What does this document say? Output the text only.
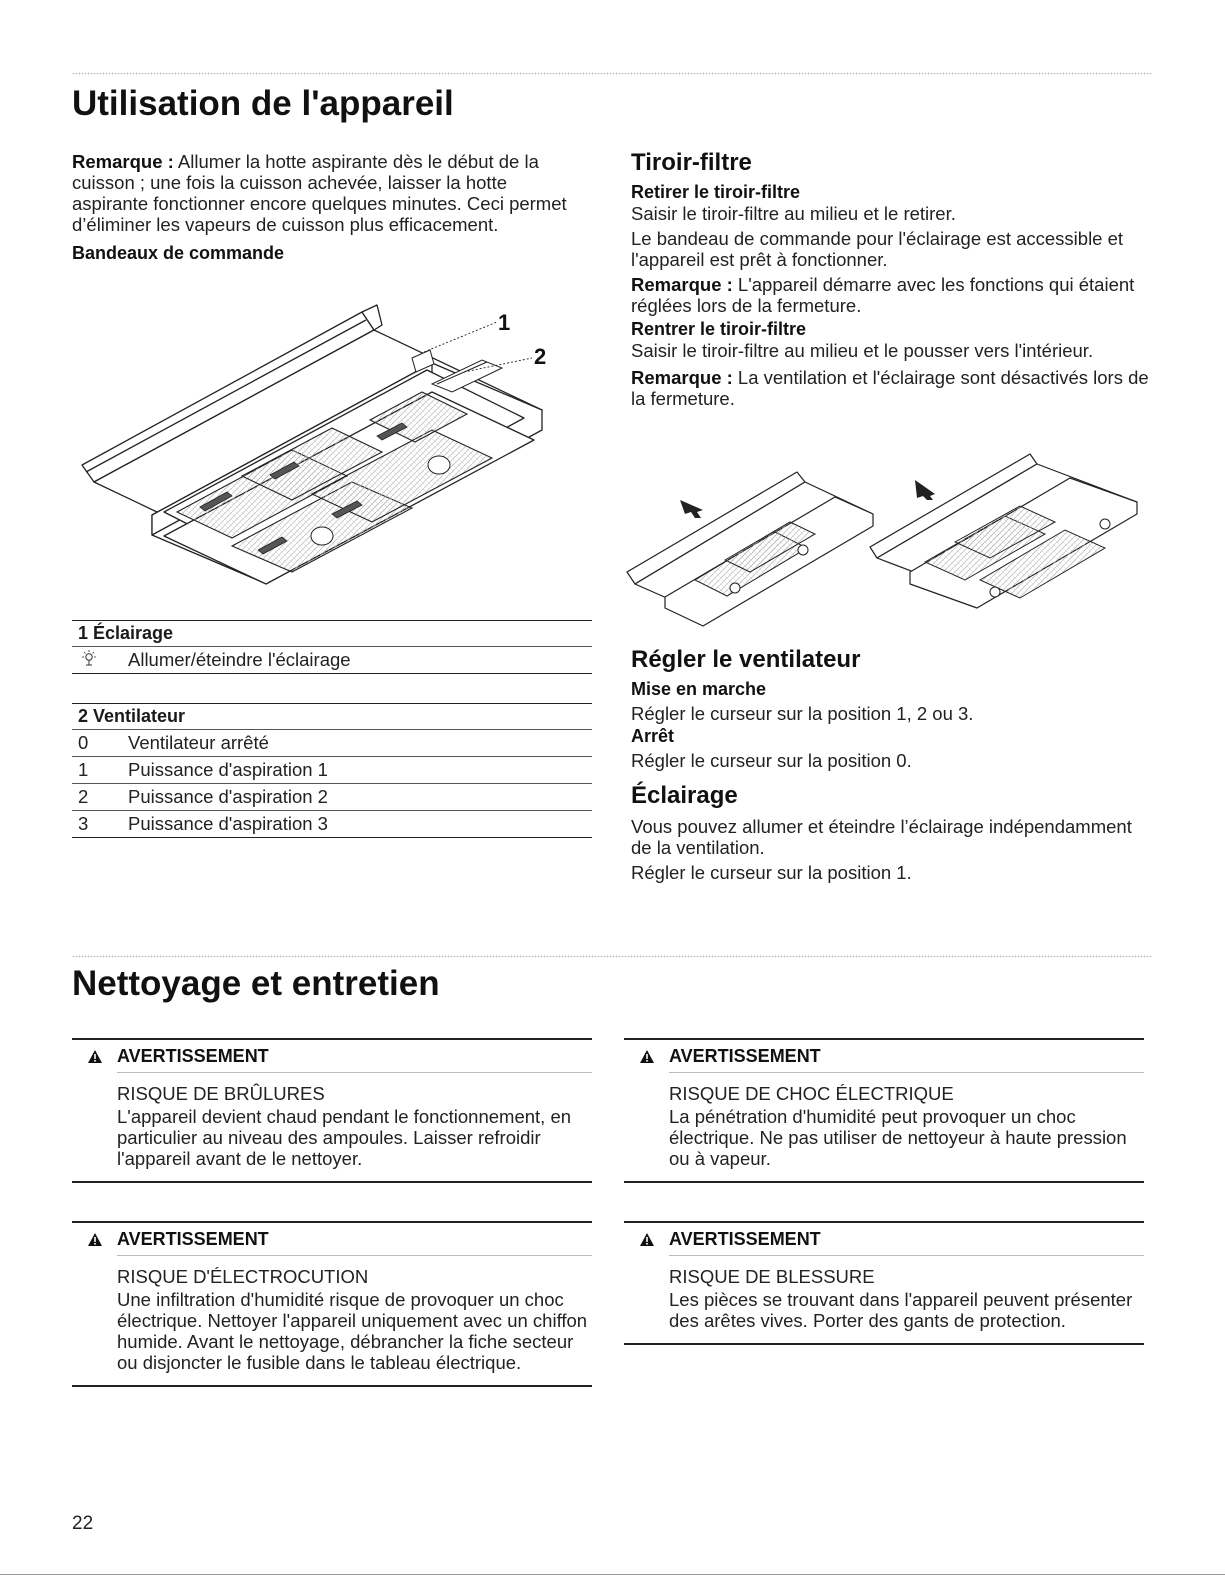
Utilisation de l'appareil

Remarque : Allumer la hotte aspirante dès le début de la cuisson ; une fois la cuisson achevée, laisser la hotte aspirante fonctionner encore quelques minutes. Ceci permet d’éliminer les vapeurs de cuisson plus efficacement.

Bandeaux de commande

1
2
1 Éclairage
Allumer/éteindre l'éclairage
2 Ventilateur
0	Ventilateur arrêté
1	Puissance d'aspiration 1
2	Puissance d'aspiration 2
3	Puissance d'aspiration 3
Tiroir-filtre

Retirer le tiroir-filtre

Saisir le tiroir-filtre au milieu et le retirer.

Le bandeau de commande pour l'éclairage est accessible et l'appareil est prêt à fonctionner.

Remarque : L'appareil démarre avec les fonctions qui étaient réglées lors de la fermeture.

Rentrer le tiroir-filtre

Saisir le tiroir-filtre au milieu et le pousser vers l'intérieur.

Remarque : La ventilation et l'éclairage sont désactivés lors de la fermeture.

Régler le ventilateur

Mise en marche

Régler le curseur sur la position 1, 2 ou 3.

Arrêt

Régler le curseur sur la position 0.

Éclairage

Vous pouvez allumer et éteindre l’éclairage indépendamment de la ventilation.

Régler le curseur sur la position 1.

Nettoyage et entretien
AVERTISSEMENT

RISQUE DE BRÛLURES

L'appareil devient chaud pendant le fonctionnement, en particulier au niveau des ampoules. Laisser refroidir l'appareil avant de le nettoyer.

AVERTISSEMENT

RISQUE DE CHOC ÉLECTRIQUE

La pénétration d'humidité peut provoquer un choc électrique. Ne pas utiliser de nettoyeur à haute pression ou à vapeur.

AVERTISSEMENT

RISQUE D'ÉLECTROCUTION

Une infiltration d'humidité risque de provoquer un choc électrique. Nettoyer l'appareil uniquement avec un chiffon humide. Avant le nettoyage, débrancher la fiche secteur ou disjoncter le fusible dans le tableau électrique.

AVERTISSEMENT

RISQUE DE BLESSURE

Les pièces se trouvant dans l'appareil peuvent présenter des arêtes vives. Porter des gants de protection.

22
